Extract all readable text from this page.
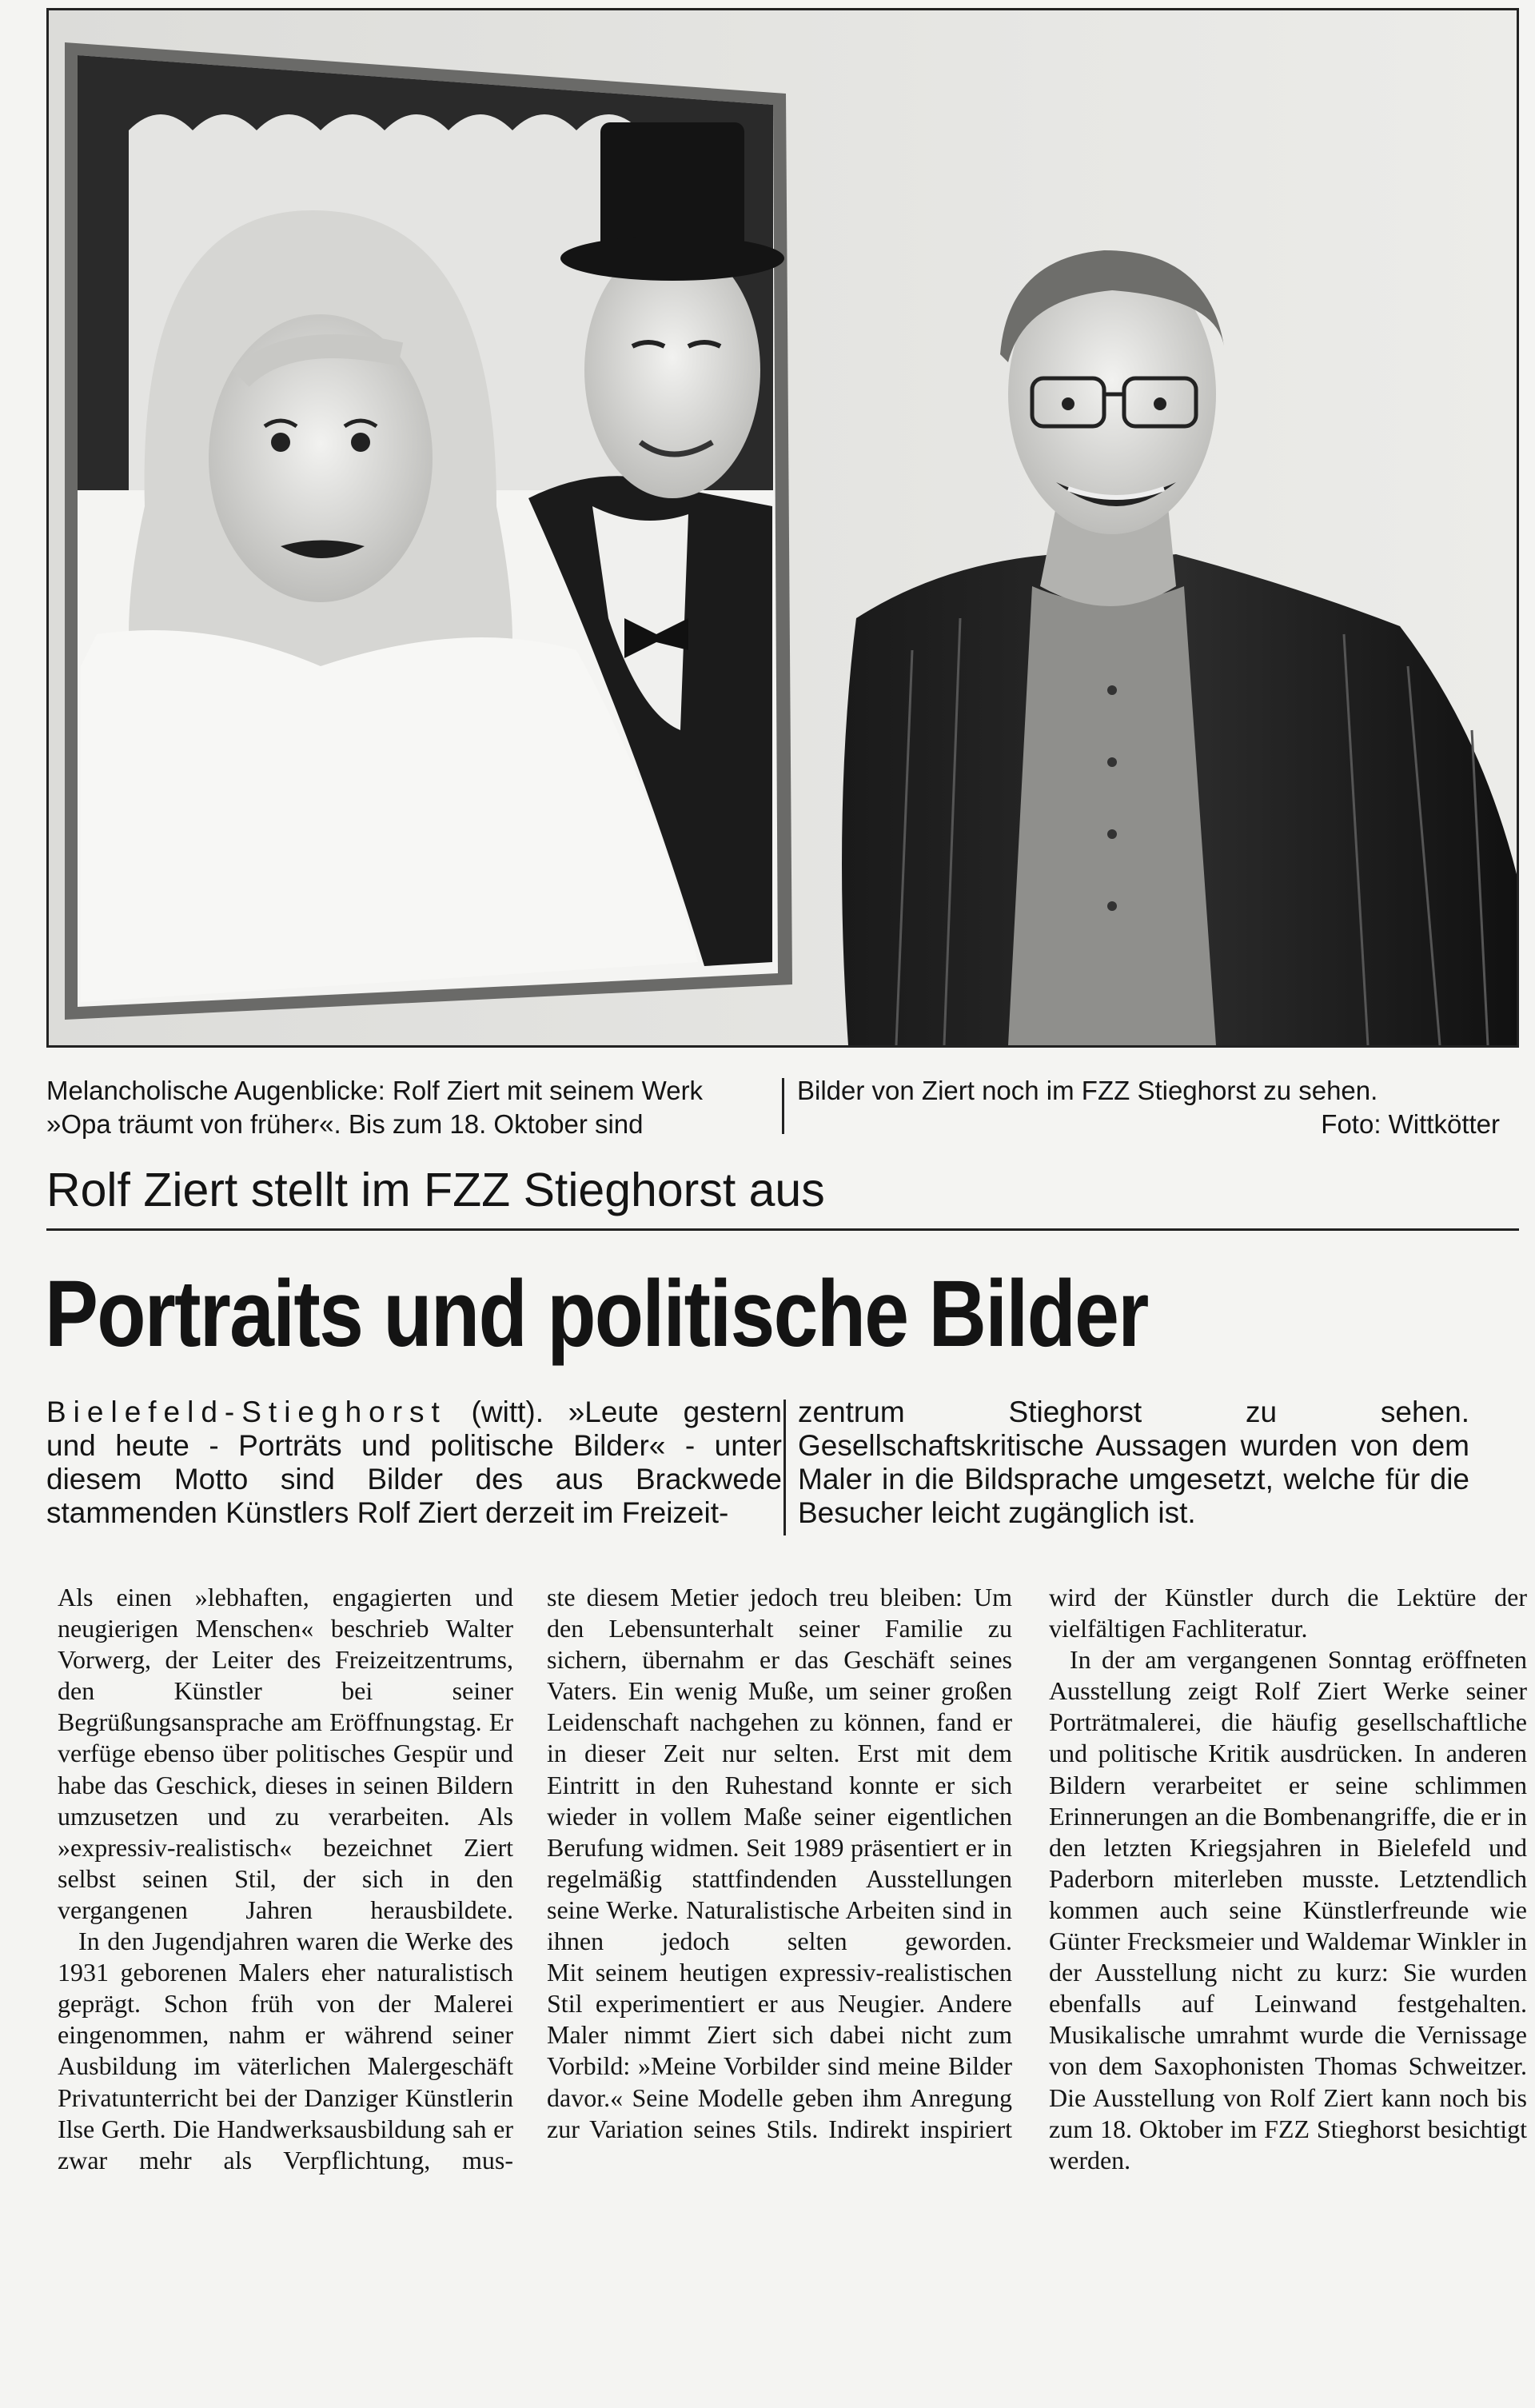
Melancholische Augenblicke: Rolf Ziert mit seinem Werk
»Opa träumt von früher«. Bis zum 18. Oktober sind
Bilder von Ziert noch im FZZ Stieghorst zu sehen.
Foto: Wittkötter
Rolf Ziert stellt im FZZ Stieghorst aus
Portraits und politische Bilder

Bielefeld-Stieghorst (witt). »Leute gestern und heute - Porträts und politische Bilder« - unter diesem Motto sind Bilder des aus Brackwede stammenden Künstlers Rolf Ziert derzeit im Freizeit-

zentrum Stieghorst zu sehen. Gesellschaftskritische Aussagen wurden von dem Maler in die Bildsprache umgesetzt, welche für die Besucher leicht zugänglich ist.

Als einen »lebhaften, engagierten und neugierigen Menschen« beschrieb Walter Vorwerg, der Leiter des Freizeitzentrums, den Künstler bei seiner Begrüßungsansprache am Eröffnungstag. Er verfüge ebenso über politisches Gespür und habe das Geschick, dieses in seinen Bildern umzusetzen und zu verarbeiten. Als »expressiv-realistisch« bezeichnet Ziert selbst seinen Stil, der sich in den vergangenen Jahren herausbildete.

In den Jugendjahren waren die Werke des 1931 geborenen Malers eher naturalistisch geprägt. Schon früh von der Malerei eingenommen, nahm er während seiner Ausbildung im väterlichen Malergeschäft Privatunterricht bei der Danziger Künstlerin Ilse Gerth. Die Handwerksausbildung sah er zwar mehr als Verpflichtung, mus-

ste diesem Metier jedoch treu bleiben: Um den Lebensunterhalt seiner Familie zu sichern, übernahm er das Geschäft seines Vaters. Ein wenig Muße, um seiner großen Leidenschaft nachgehen zu können, fand er in dieser Zeit nur selten. Erst mit dem Eintritt in den Ruhestand konnte er sich wieder in vollem Maße seiner eigentlichen Berufung widmen. Seit 1989 präsentiert er in regelmäßig stattfindenden Ausstellungen seine Werke. Naturalistische Arbeiten sind in ihnen jedoch selten geworden.

Mit seinem heutigen expressiv-realistischen Stil experimentiert er aus Neugier. Andere Maler nimmt Ziert sich dabei nicht zum Vorbild: »Meine Vorbilder sind meine Bilder davor.« Seine Modelle geben ihm Anregung zur Variation seines Stils. Indirekt inspiriert

wird der Künstler durch die Lektüre der vielfältigen Fachliteratur.

In der am vergangenen Sonntag eröffneten Ausstellung zeigt Rolf Ziert Werke seiner Porträtmalerei, die häufig gesellschaftliche und politische Kritik ausdrücken. In anderen Bildern verarbeitet er seine schlimmen Erinnerungen an die Bombenangriffe, die er in den letzten Kriegsjahren in Bielefeld und Paderborn miterleben musste. Letztendlich kommen auch seine Künstlerfreunde wie Günter Frecksmeier und Waldemar Winkler in der Ausstellung nicht zu kurz: Sie wurden ebenfalls auf Leinwand festgehalten. Musikalische umrahmt wurde die Vernissage von dem Saxophonisten Thomas Schweitzer.

Die Ausstellung von Rolf Ziert kann noch bis zum 18. Oktober im FZZ Stieghorst besichtigt werden.
